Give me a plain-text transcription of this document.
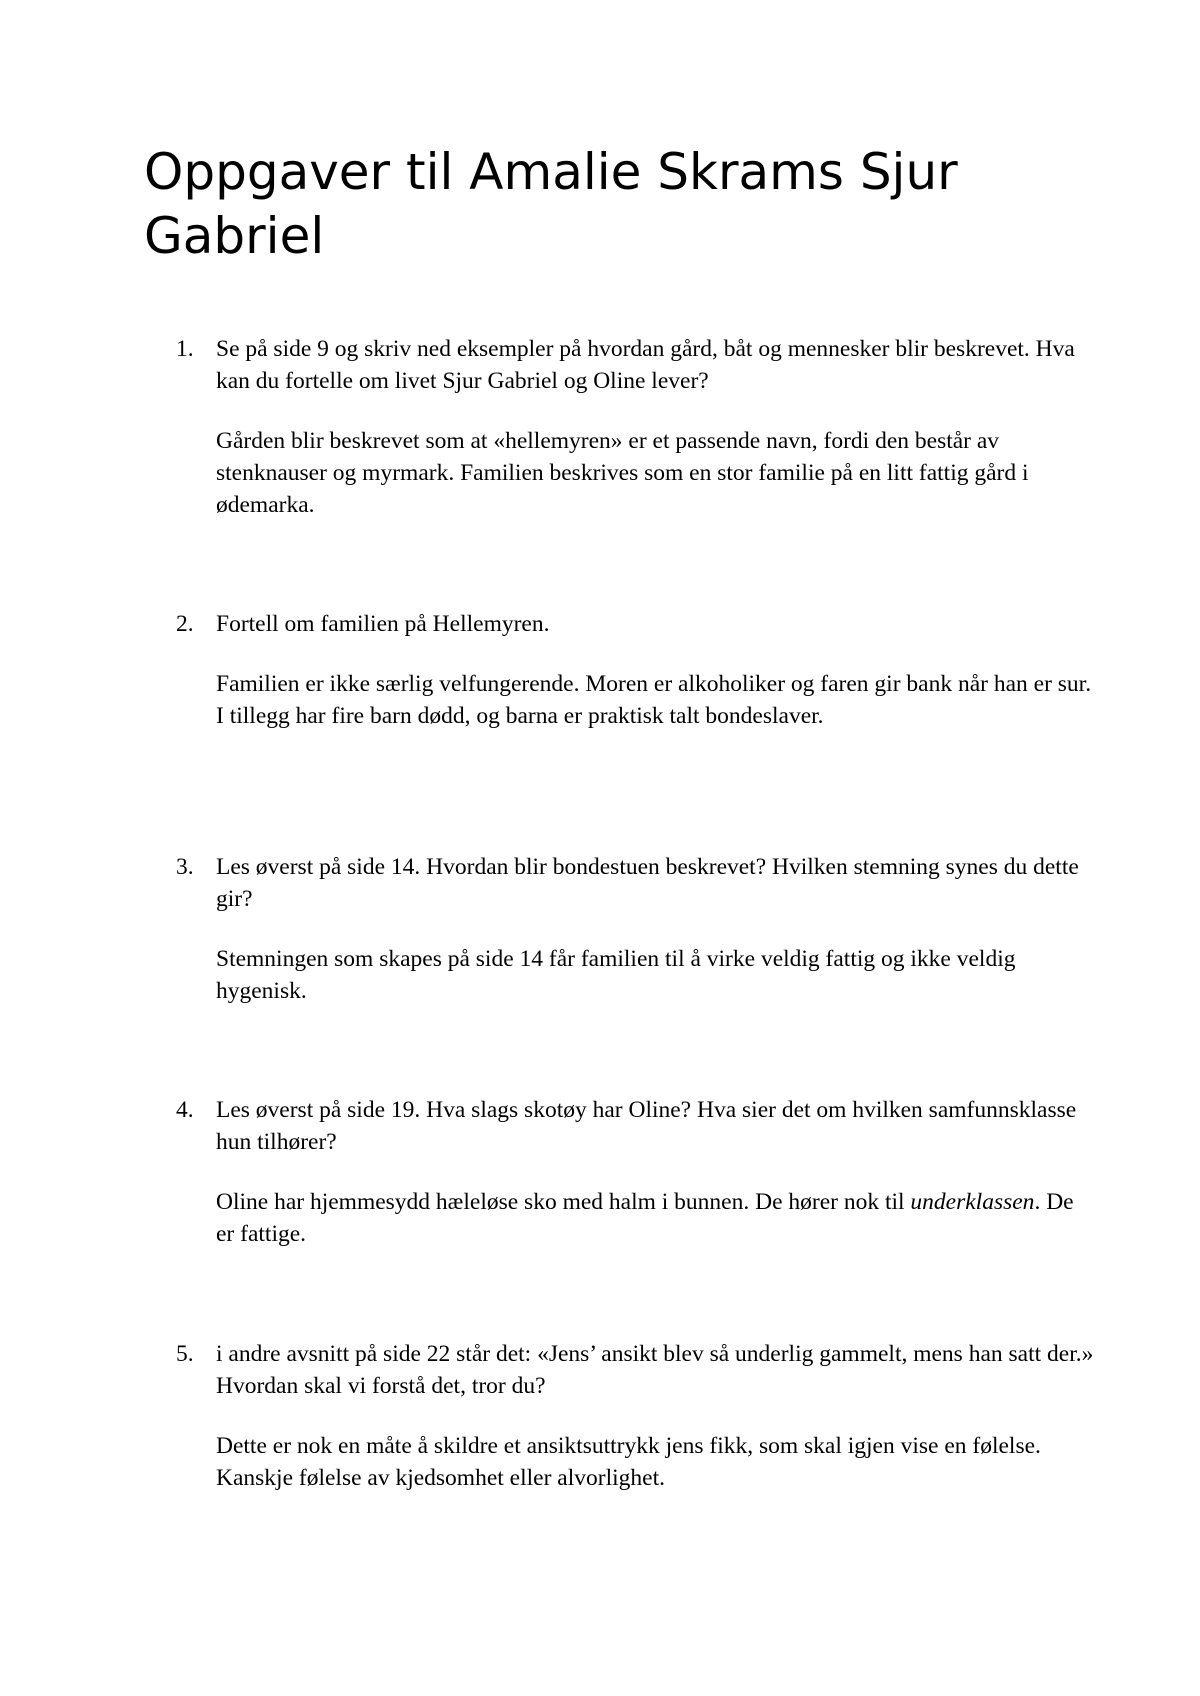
Oppgaver til Amalie Skrams Sjur Gabriel
1. Se på side 9 og skriv ned eksempler på hvordan gård, båt og mennesker blir beskrevet. Hva kan du fortelle om livet Sjur Gabriel og Oline lever?

Gården blir beskrevet som at «hellemyren» er et passende navn, fordi den består av stenknauser og myrmark. Familien beskrives som en stor familie på en litt fattig gård i ødemarka.

2. Fortell om familien på Hellemyren.

Familien er ikke særlig velfungerende. Moren er alkoholiker og faren gir bank når han er sur. I tillegg har fire barn dødd, og barna er praktisk talt bondeslaver.

3. Les øverst på side 14. Hvordan blir bondestuen beskrevet? Hvilken stemning synes du dette gir?

Stemningen som skapes på side 14 får familien til å virke veldig fattig og ikke veldig hygenisk.

4. Les øverst på side 19. Hva slags skotøy har Oline? Hva sier det om hvilken samfunnsklasse hun tilhører?

Oline har hjemmesydd hæleløse sko med halm i bunnen. De hører nok til underklassen. De er fattige.

5. i andre avsnitt på side 22 står det: «Jens’ ansikt blev så underlig gammelt, mens han satt der.» Hvordan skal vi forstå det, tror du?

Dette er nok en måte å skildre et ansiktsuttrykk jens fikk, som skal igjen vise en følelse. Kanskje følelse av kjedsomhet eller alvorlighet.
